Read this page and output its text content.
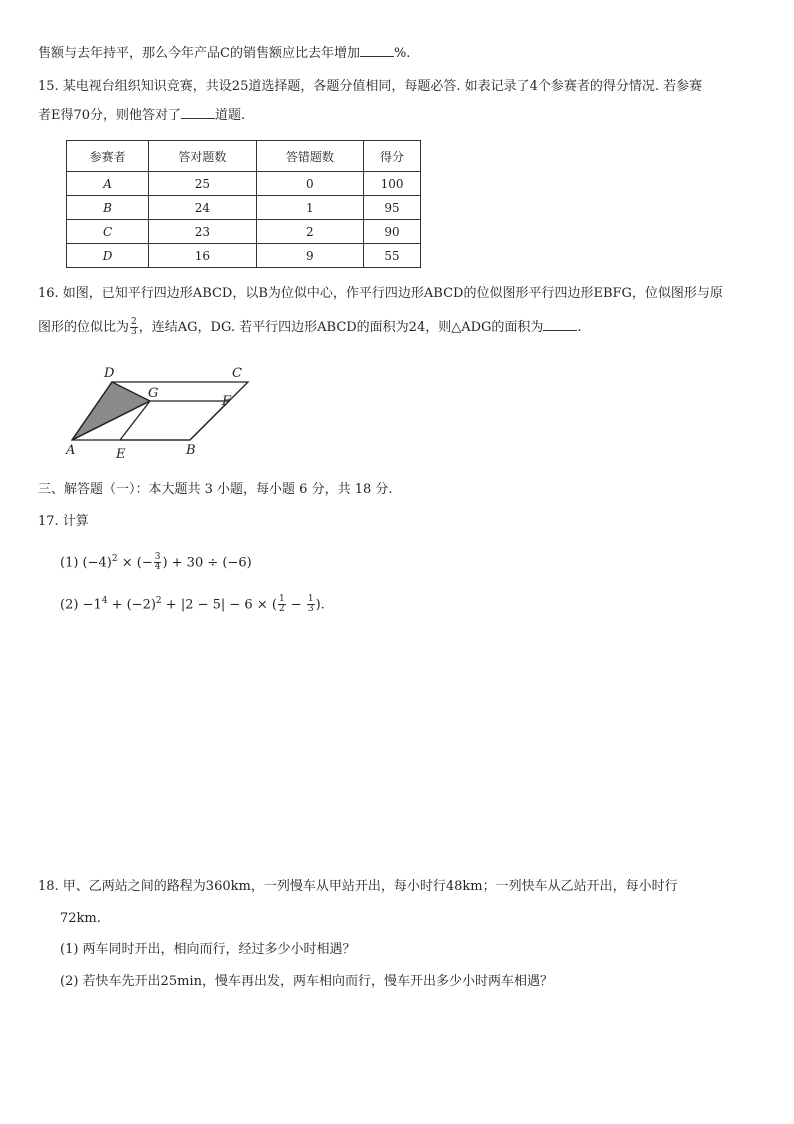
售额与去年持平，那么今年产品C的销售额应比去年增加	%.
15. 某电视台组织知识竞赛，共设25道选择题，各题分值相同，每题必答. 如表记录了4个参赛者的得分情况. 若参赛
者E得70分，则他答对了	道题.
参赛者	答对题数	答错题数	得分
A	25	0	100
B	24	1	95
C	23	2	90
D	16	9	55
16. 如图，已知平行四边形ABCD，以B为位似中心，作平行四边形ABCD的位似图形平行四边形EBFG，位似图形与原
图形的位似比为 $\frac{2}{3}$ ，连结AG，DG. 若平行四边形ABCD的面积为24，则△ADG的面积为	.
D
G
C
F
A	E	B
三、解答题（一）：本大题共 3 小题，每小题 6 分，共 18 分.
17. 计算
(1) $(-4)^2$ × (− $\frac{3}{4}$ ) + 30 ÷ (−6)
$(2) -1^4 + (-2)^2 + |2 - 5| - 6$ × ( $\frac{1}{2} - \frac{1}{3}$ ).
18. 甲、乙两站之间的路程为360km，一列慢车从甲站开出，每小时行48km；一列快车从乙站开出，每小时行
72km.
(1) 两车同时开出，相向而行，经过多少小时相遇？
(2) 若快车先开出25min，慢车再出发，两车相向而行，慢车开出多少小时两车相遇？
